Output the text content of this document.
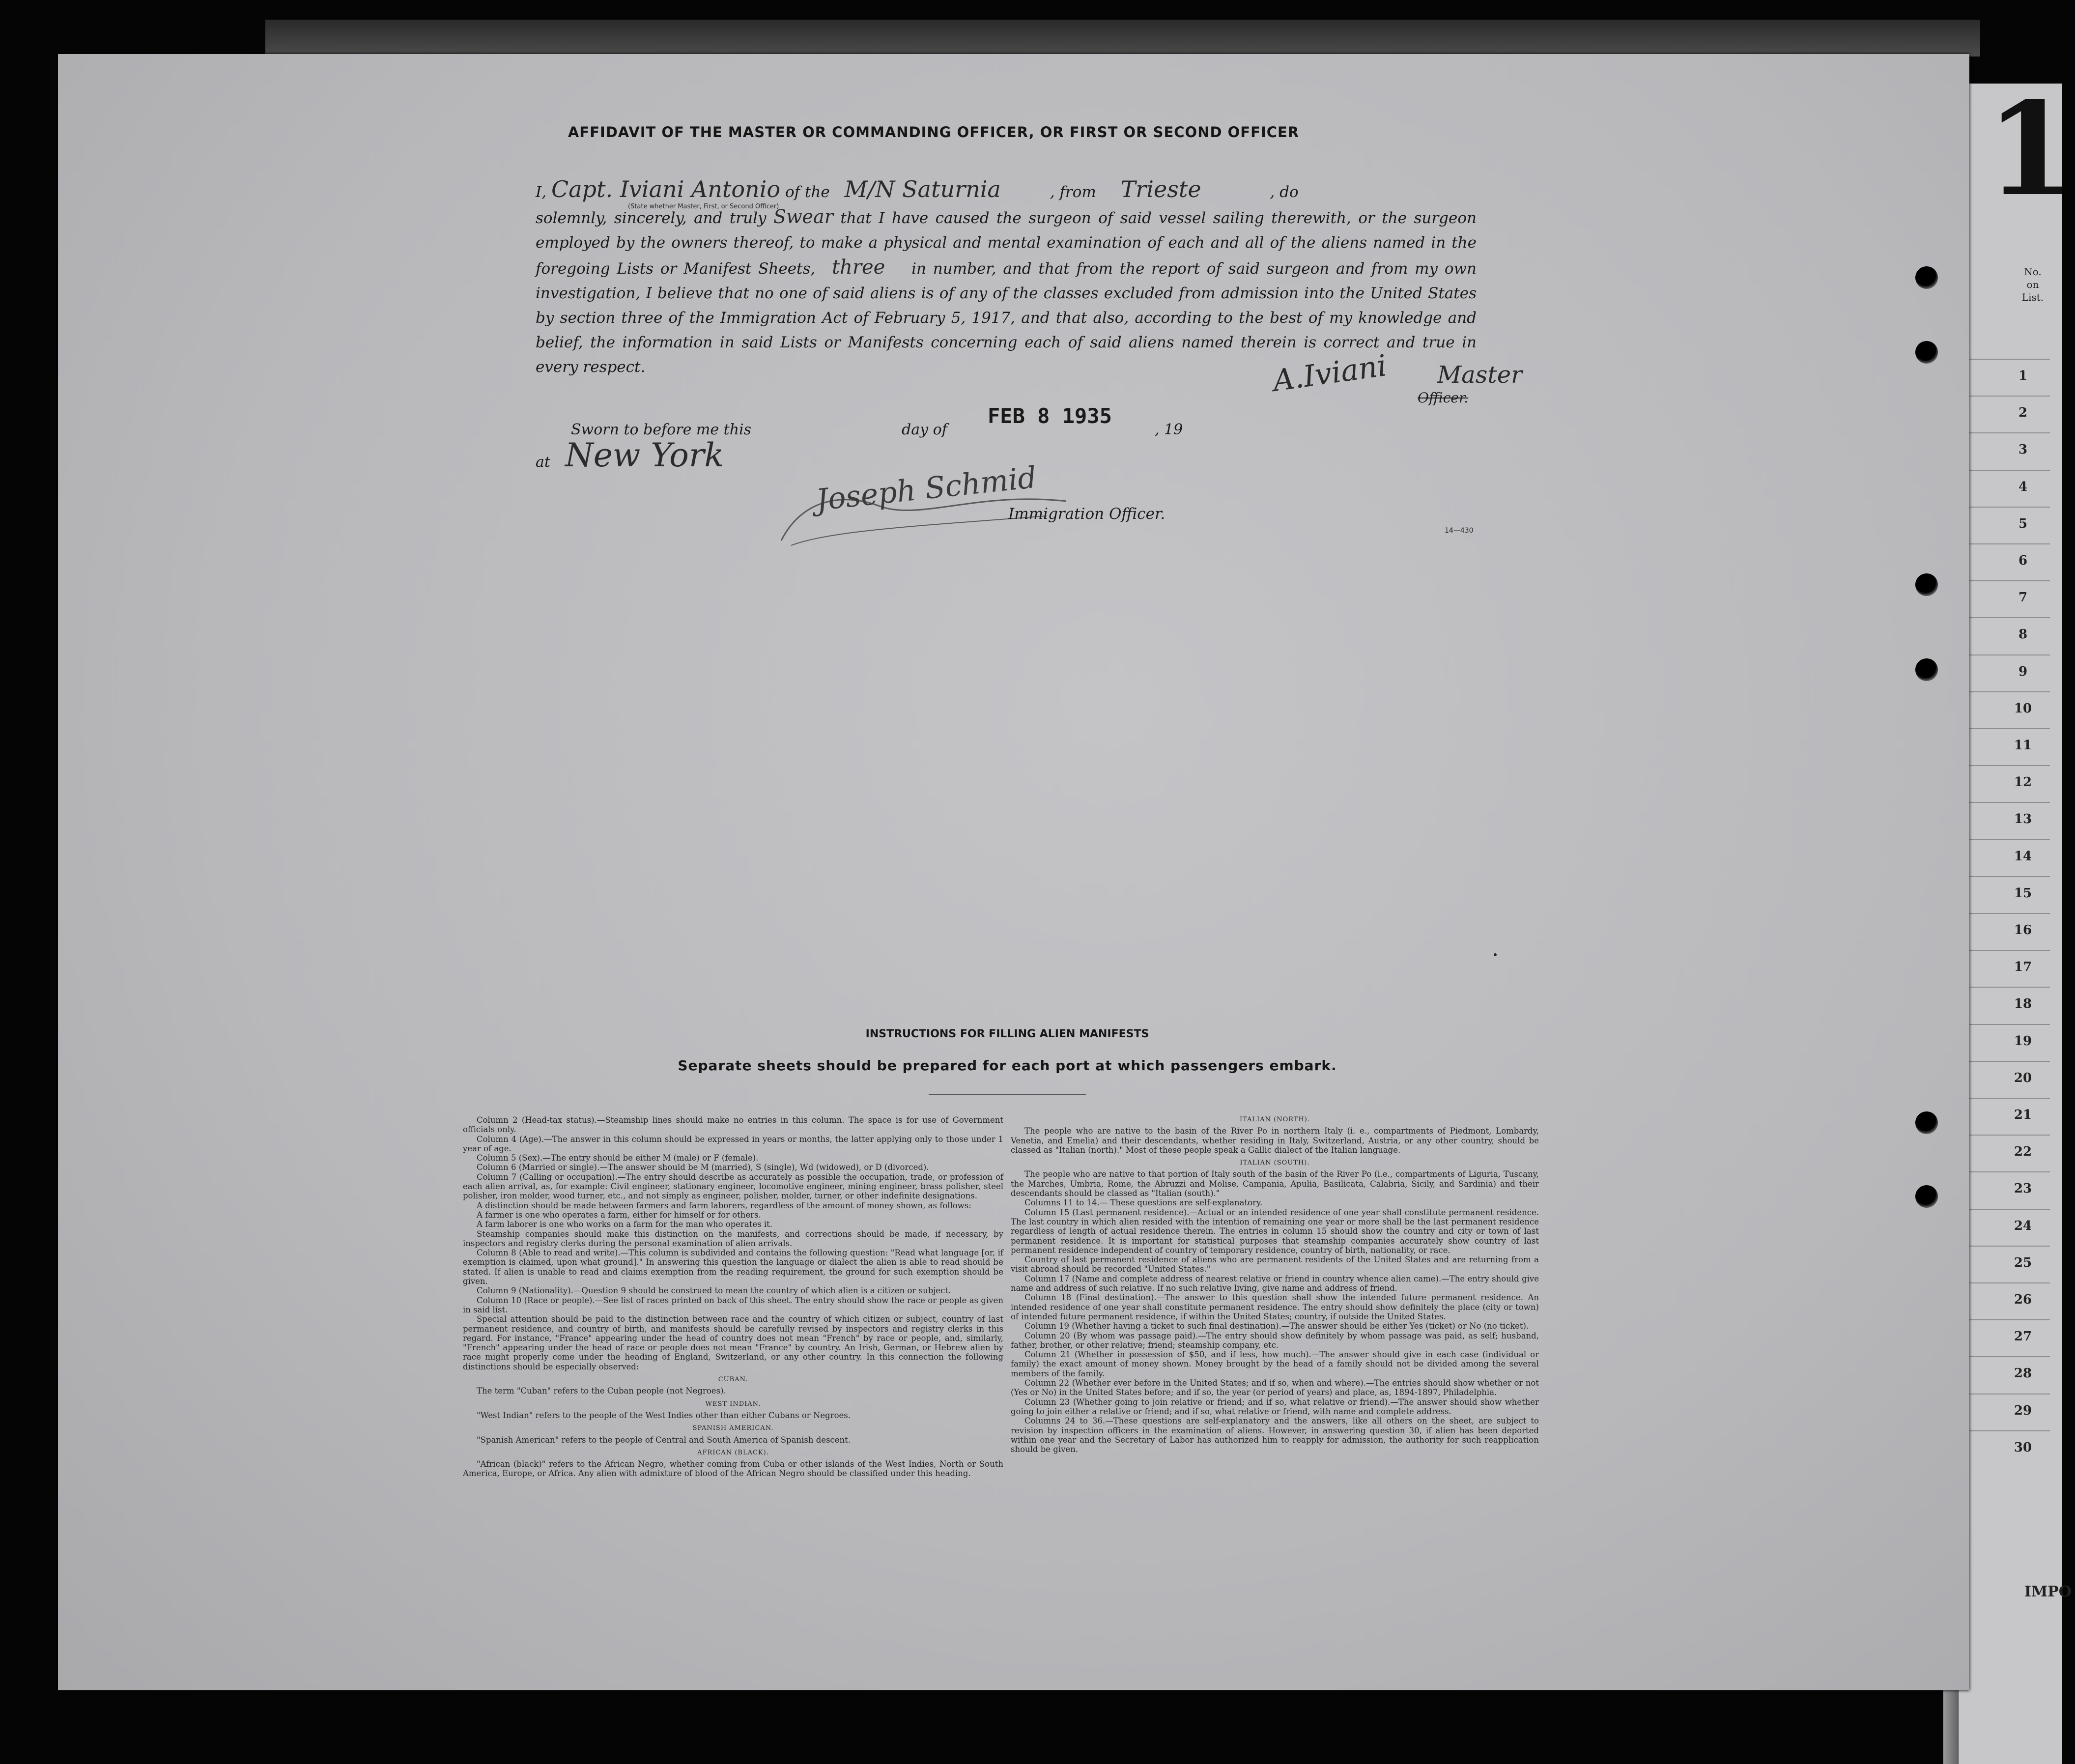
1
No.
on
List.
1
2
3
4
5
6
7
8
9
10
11
12
13
14
15
16
17
18
19
20
21
22
23
24
25
26
27
28
29
30
IMPO
AFFIDAVIT OF THE MASTER OR COMMANDING OFFICER, OR FIRST OR SECOND OFFICER
I, Capt. Iviani Antonio of the M/N Saturnia	, from Trieste	, do
solemnly, sincerely, and truly Swear that I have caused the surgeon of said vessel sailing therewith, or the surgeon employed by the owners thereof, to make a physical and mental examination of each and all of the aliens named in the foregoing Lists or Manifest Sheets, three in number, and that from the report of said surgeon and from my own investigation, I believe that no one of said aliens is of any of the classes excluded from admission into the United States by section three of the Immigration Act of February 5, 1917, and that also, according to the best of my knowledge and belief, the information in said Lists or Manifests concerning each of said aliens named therein is correct and true in every respect.
(State whether Master, First, or Second Officer)
A.Iviani Master
Officer.
Sworn to before me this	day of
FEB 8 1935
, 19
at New York
Joseph Schmid
Immigration Officer.
14—430
INSTRUCTIONS FOR FILLING ALIEN MANIFESTS
Separate sheets should be prepared for each port at which passengers embark.

Column 2 (Head-tax status).—Steamship lines should make no entries in this column. The space is for use of Government officials only.

Column 4 (Age).—The answer in this column should be expressed in years or months, the latter applying only to those under 1 year of age.

Column 5 (Sex).—The entry should be either M (male) or F (female).

Column 6 (Married or single).—The answer should be M (married), S (single), Wd (widowed), or D (divorced).

Column 7 (Calling or occupation).—The entry should describe as accurately as possible the occupation, trade, or profession of each alien arrival, as, for example: Civil engineer, stationary engineer, locomotive engineer, mining engineer, brass polisher, steel polisher, iron molder, wood turner, etc., and not simply as engineer, polisher, molder, turner, or other indefinite designations.

A distinction should be made between farmers and farm laborers, regardless of the amount of money shown, as follows:

A farmer is one who operates a farm, either for himself or for others.

A farm laborer is one who works on a farm for the man who operates it.

Steamship companies should make this distinction on the manifests, and corrections should be made, if necessary, by inspectors and registry clerks during the personal examination of alien arrivals.

Column 8 (Able to read and write).—This column is subdivided and contains the following question: "Read what language [or, if exemption is claimed, upon what ground]." In answering this question the language or dialect the alien is able to read should be stated. If alien is unable to read and claims exemption from the reading requirement, the ground for such exemption should be given.

Column 9 (Nationality).—Question 9 should be construed to mean the country of which alien is a citizen or subject.

Column 10 (Race or people).—See list of races printed on back of this sheet. The entry should show the race or people as given in said list.

Special attention should be paid to the distinction between race and the country of which citizen or subject, country of last permanent residence, and country of birth, and manifests should be carefully revised by inspectors and registry clerks in this regard. For instance, "France" appearing under the head of country does not mean "French" by race or people, and, similarly, "French" appearing under the head of race or people does not mean "France" by country. An Irish, German, or Hebrew alien by race might properly come under the heading of England, Switzerland, or any other country. In this connection the following distinctions should be especially observed:

CUBAN.

The term "Cuban" refers to the Cuban people (not Negroes).

WEST INDIAN.

"West Indian" refers to the people of the West Indies other than either Cubans or Negroes.

SPANISH AMERICAN.

"Spanish American" refers to the people of Central and South America of Spanish descent.

AFRICAN (BLACK).

"African (black)" refers to the African Negro, whether coming from Cuba or other islands of the West Indies, North or South America, Europe, or Africa. Any alien with admixture of blood of the African Negro should be classified under this heading.

ITALIAN (NORTH).

The people who are native to the basin of the River Po in northern Italy (i. e., compartments of Piedmont, Lombardy, Venetia, and Emelia) and their descendants, whether residing in Italy, Switzerland, Austria, or any other country, should be classed as "Italian (north)." Most of these people speak a Gallic dialect of the Italian language.

ITALIAN (SOUTH).

The people who are native to that portion of Italy south of the basin of the River Po (i.e., compartments of Liguria, Tuscany, the Marches, Umbria, Rome, the Abruzzi and Molise, Campania, Apulia, Basilicata, Calabria, Sicily, and Sardinia) and their descendants should be classed as "Italian (south)."

Columns 11 to 14.— These questions are self-explanatory.

Column 15 (Last permanent residence).—Actual or an intended residence of one year shall constitute permanent residence. The last country in which alien resided with the intention of remaining one year or more shall be the last permanent residence regardless of length of actual residence therein. The entries in column 15 should show the country and city or town of last permanent residence. It is important for statistical purposes that steamship companies accurately show country of last permanent residence independent of country of temporary residence, country of birth, nationality, or race.

Country of last permanent residence of aliens who are permanent residents of the United States and are returning from a visit abroad should be recorded "United States."

Column 17 (Name and complete address of nearest relative or friend in country whence alien came).—The entry should give name and address of such relative. If no such relative living, give name and address of friend.

Column 18 (Final destination).—The answer to this question shall show the intended future permanent residence. An intended residence of one year shall constitute permanent residence. The entry should show definitely the place (city or town) of intended future permanent residence, if within the United States; country, if outside the United States.

Column 19 (Whether having a ticket to such final destination).—The answer should be either Yes (ticket) or No (no ticket).

Column 20 (By whom was passage paid).—The entry should show definitely by whom passage was paid, as self; husband, father, brother, or other relative; friend; steamship company, etc.

Column 21 (Whether in possession of $50, and if less, how much).—The answer should give in each case (individual or family) the exact amount of money shown. Money brought by the head of a family should not be divided among the several members of the family.

Column 22 (Whether ever before in the United States; and if so, when and where).—The entries should show whether or not (Yes or No) in the United States before; and if so, the year (or period of years) and place, as, 1894-1897, Philadelphia.

Column 23 (Whether going to join relative or friend; and if so, what relative or friend).—The answer should show whether going to join either a relative or friend; and if so, what relative or friend, with name and complete address.

Columns 24 to 36.—These questions are self-explanatory and the answers, like all others on the sheet, are subject to revision by inspection officers in the examination of aliens. However, in answering question 30, if alien has been deported within one year and the Secretary of Labor has authorized him to reapply for admission, the authority for such reapplication should be given.
